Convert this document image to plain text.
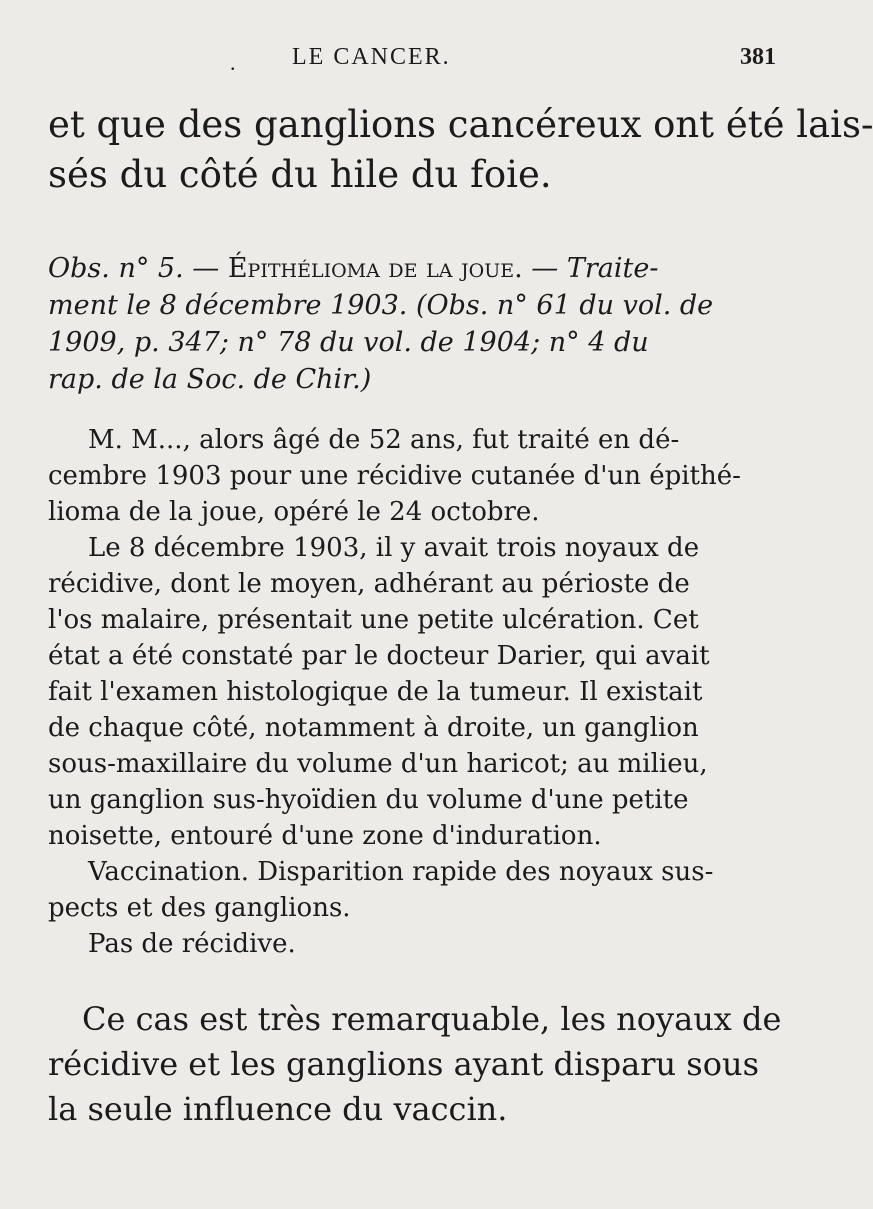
. LE CANCER.	381
et que des ganglions cancéreux ont été lais-
sés du côté du hile du foie.
Obs. n° 5. — Épithélioma de la joue. — Traite-
ment le 8 décembre 1903. (Obs. n° 61 du vol. de
1909, p. 347; n° 78 du vol. de 1904; n° 4 du
rap. de la Soc. de Chir.)
M. M..., alors âgé de 52 ans, fut traité en dé-
cembre 1903 pour une récidive cutanée d'un épithé-
lioma de la joue, opéré le 24 octobre.
Le 8 décembre 1903, il y avait trois noyaux de
récidive, dont le moyen, adhérant au périoste de
l'os malaire, présentait une petite ulcération. Cet
état a été constaté par le docteur Darier, qui avait
fait l'examen histologique de la tumeur. Il existait
de chaque côté, notamment à droite, un ganglion
sous-maxillaire du volume d'un haricot; au milieu,
un ganglion sus-hyoïdien du volume d'une petite
noisette, entouré d'une zone d'induration.
Vaccination. Disparition rapide des noyaux sus-
pects et des ganglions.
Pas de récidive.
Ce cas est très remarquable, les noyaux de
récidive et les ganglions ayant disparu sous
la seule influence du vaccin.
